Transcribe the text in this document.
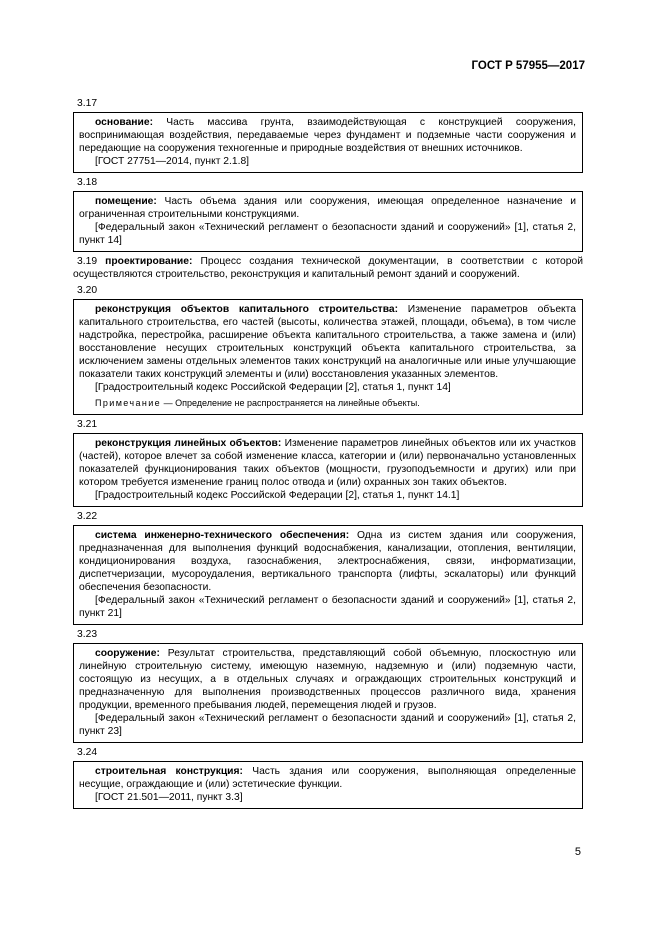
ГОСТ Р 57955—2017
3.17

основание: Часть массива грунта, взаимодействующая с конструкцией сооружения, воспринимающая воздействия, передаваемые через фундамент и подземные части сооружения и передающие на сооружения техногенные и природные воздействия от внешних источников.

[ГОСТ 27751—2014, пункт 2.1.8]

3.18

помещение: Часть объема здания или сооружения, имеющая определенное назначение и ограниченная строительными конструкциями.

[Федеральный закон «Технический регламент о безопасности зданий и сооружений» [1], статья 2, пункт 14]

3.19 проектирование: Процесс создания технической документации, в соответствии с которой осуществляются строительство, реконструкция и капитальный ремонт зданий и сооружений.

3.20

реконструкция объектов капитального строительства: Изменение параметров объекта капитального строительства, его частей (высоты, количества этажей, площади, объема), в том числе надстройка, перестройка, расширение объекта капитального строительства, а также замена и (или) восстановление несущих строительных конструкций объекта капитального строительства, за исключением замены отдельных элементов таких конструкций на аналогичные или иные улучшающие показатели таких конструкций элементы и (или) восстановления указанных элементов.

[Градостроительный кодекс Российской Федерации [2], статья 1, пункт 14]

Примечание — Определение не распространяется на линейные объекты.

3.21

реконструкция линейных объектов: Изменение параметров линейных объектов или их участков (частей), которое влечет за собой изменение класса, категории и (или) первоначально установленных показателей функционирования таких объектов (мощности, грузоподъемности и других) или при котором требуется изменение границ полос отвода и (или) охранных зон таких объектов.

[Градостроительный кодекс Российской Федерации [2], статья 1, пункт 14.1]

3.22

система инженерно-технического обеспечения: Одна из систем здания или сооружения, предназначенная для выполнения функций водоснабжения, канализации, отопления, вентиляции, кондиционирования воздуха, газоснабжения, электроснабжения, связи, информатизации, диспетчеризации, мусороудаления, вертикального транспорта (лифты, эскалаторы) или функций обеспечения безопасности.

[Федеральный закон «Технический регламент о безопасности зданий и сооружений» [1], статья 2, пункт 21]

3.23

сооружение: Результат строительства, представляющий собой объемную, плоскостную или линейную строительную систему, имеющую наземную, надземную и (или) подземную части, состоящую из несущих, а в отдельных случаях и ограждающих строительных конструкций и предназначенную для выполнения производственных процессов различного вида, хранения продукции, временного пребывания людей, перемещения людей и грузов.

[Федеральный закон «Технический регламент о безопасности зданий и сооружений» [1], статья 2, пункт 23]

3.24

строительная конструкция: Часть здания или сооружения, выполняющая определенные несущие, ограждающие и (или) эстетические функции.

[ГОСТ 21.501—2011, пункт 3.3]

5
